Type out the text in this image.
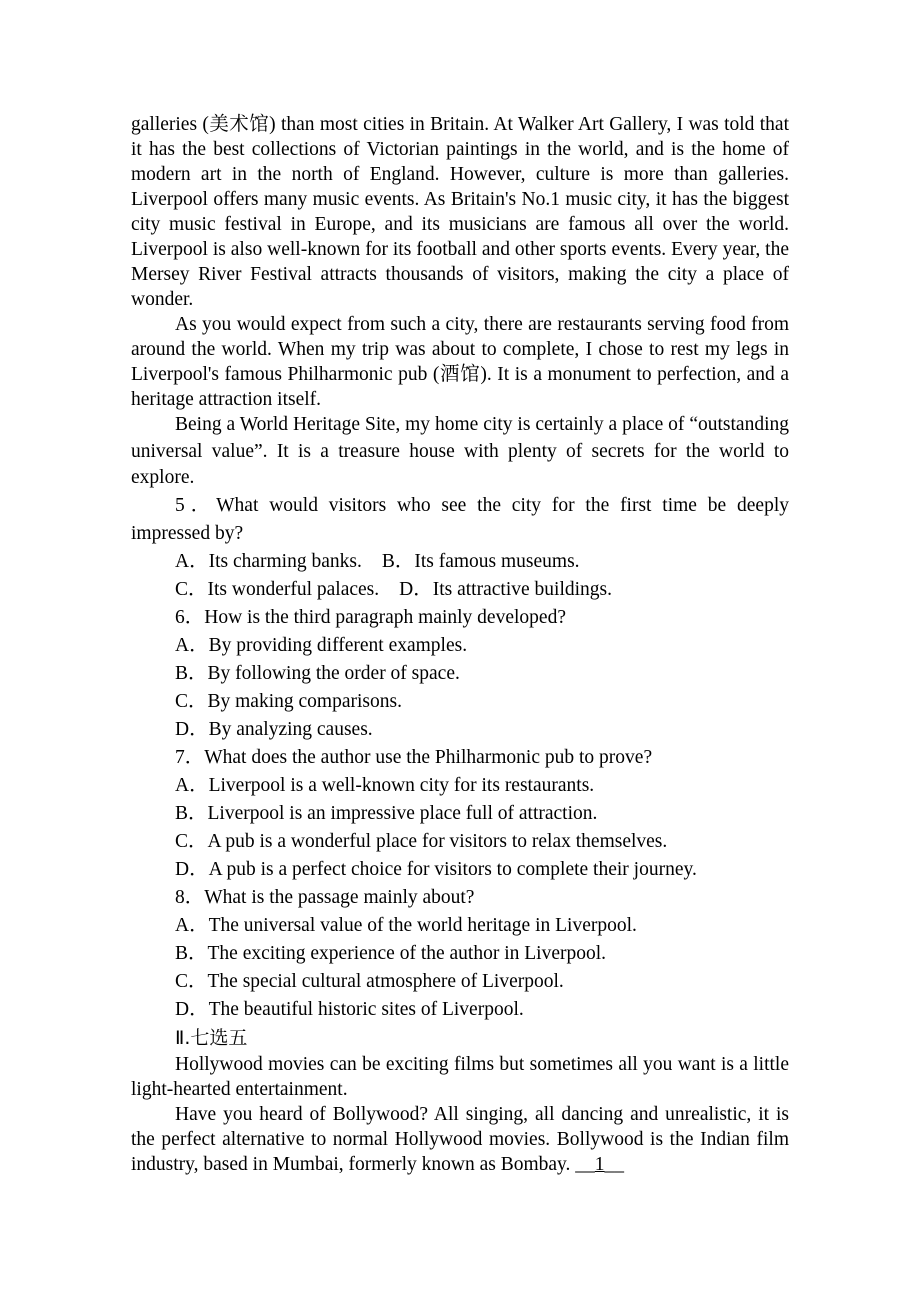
galleries (美术馆) than most cities in Britain. At Walker Art Gallery, I was told that it has the best collections of Victorian paintings in the world, and is the home of modern art in the north of England. However, culture is more than galleries. Liverpool offers many music events. As Britain's No.1 music city, it has the biggest city music festival in Europe, and its musicians are famous all over the world. Liverpool is also well-known for its football and other sports events. Every year, the Mersey River Festival attracts thousands of visitors, making the city a place of wonder.

As you would expect from such a city, there are restaurants serving food from around the world. When my trip was about to complete, I chose to rest my legs in Liverpool's famous Philharmonic pub (酒馆). It is a monument to perfection, and a heritage attraction itself.

Being a World Heritage Site, my home city is certainly a place of “outstanding universal value”. It is a treasure house with plenty of secrets for the world to explore.

5．What would visitors who see the city for the first time be deeply impressed by?

A．Its charming banks. B．Its famous museums.

C．Its wonderful palaces. D．Its attractive buildings.

6．How is the third paragraph mainly developed?

A．By providing different examples.

B．By following the order of space.

C．By making comparisons.

D．By analyzing causes.

7．What does the author use the Philharmonic pub to prove?

A．Liverpool is a well-known city for its restaurants.

B．Liverpool is an impressive place full of attraction.

C．A pub is a wonderful place for visitors to relax themselves.

D．A pub is a perfect choice for visitors to complete their journey.

8．What is the passage mainly about?

A．The universal value of the world heritage in Liverpool.

B．The exciting experience of the author in Liverpool.

C．The special cultural atmosphere of Liverpool.

D．The beautiful historic sites of Liverpool.

Ⅱ.七选五

Hollywood movies can be exciting films but sometimes all you want is a little light-hearted entertainment.

Have you heard of Bollywood? All singing, all dancing and unrealistic, it is the perfect alternative to normal Hollywood movies. Bollywood is the Indian film industry, based in Mumbai, formerly known as Bombay. __1__
